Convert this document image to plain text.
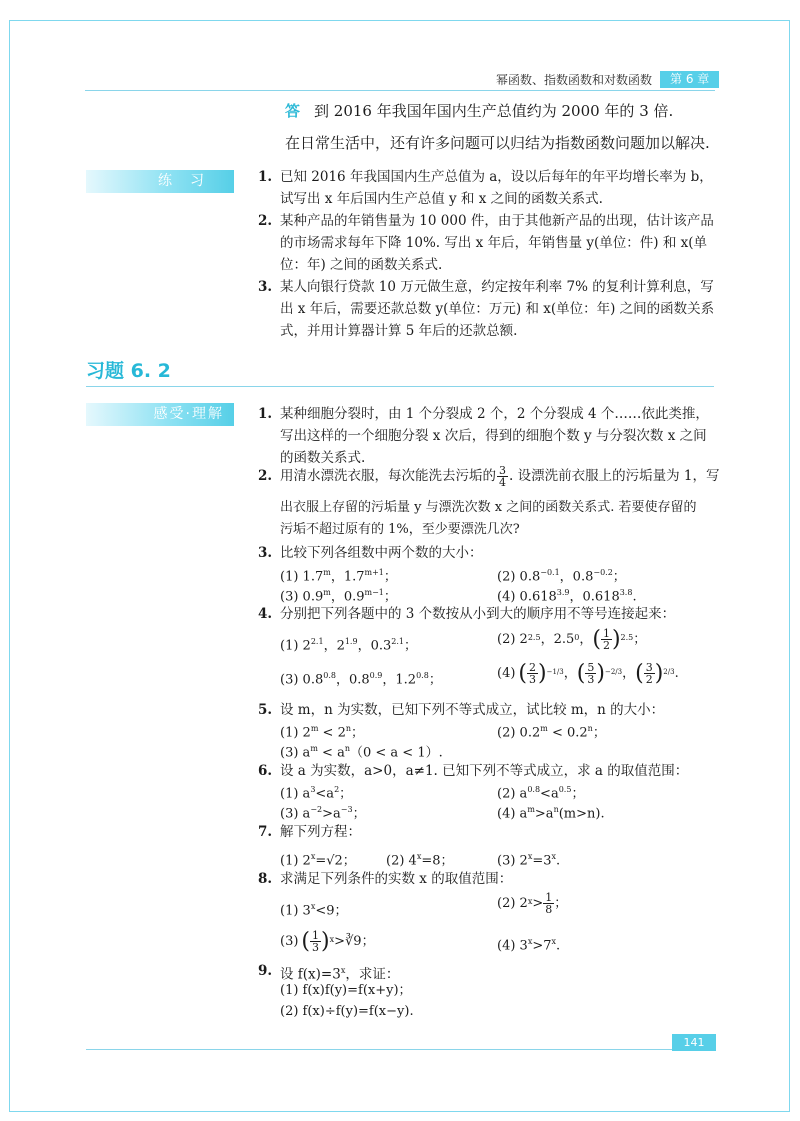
幂函数、指数函数和对数函数	第 6 章
答 到 2016 年我国年国内生产总值约为 2000 年的 3 倍.
在日常生活中，还有许多问题可以归结为指数函数问题加以解决.
练　习	1. 已知 2016 年我国国内生产总值为 a，设以后每年的年平均增长率为 b，试写出 x 年后国内生产总值 y 和 x 之间的函数关系式.
2. 某种产品的年销售量为 10 000 件，由于其他新产品的出现，估计该产品的市场需求每年下降 10%. 写出 x 年后，年销售量 y(单位：件) 和 x(单位：年) 之间的函数关系式.
3. 某人向银行贷款 10 万元做生意，约定按年利率 7% 的复利计算利息，写出 x 年后，需要还款总数 y(单位：万元) 和 x(单位：年) 之间的函数关系式，并用计算器计算 5 年后的还款总额.
习题 6. 2
感受·理解	1. 某种细胞分裂时，由 1 个分裂成 2 个，2 个分裂成 4 个……依此类推，写出这样的一个细胞分裂 x 次后，得到的细胞个数 y 与分裂次数 x 之间的函数关系式.
2. 用清水漂洗衣服，每次能洗去污垢的 $\frac{3}{4}$ . 设漂洗前衣服上的污垢量为 1，写
出衣服上存留的污垢量 y 与漂洗次数 x 之间的函数关系式. 若要使存留的
污垢不超过原有的 1%，至少要漂洗几次?
3. 比较下列各组数中两个数的大小：
(1) 1.7$^m$，$1.7^{m+1}$；	(2) $0.8^{-0.1}$，$0.8^{-0.2}$；
(3) 0.9$^m$，$0.9^{m-1}$；	(4) $0.618^{3.9}$，$0.618^{3.8}$.
4. 分别把下列各题中的 3 个数按从小到大的顺序用不等号连接起来：
(1) $2^{2.1}$，$2^{1.9}$，$0.3^{2.1}$；	(2) 2 2.5 ，2.5 0 ， ( $\frac{1}{2}$ ) 2.5 ；
(3) $0.8^{0.8}$，$0.8^{0.9}$，$1.2^{0.8}$；	(4) ( $\frac{2}{3}$ ) −1/3 ， ( $\frac{5}{3}$ ) −2/3 ， ( $\frac{3}{2}$ ) 2/3 .
5. 设 m，n 为实数，已知下列不等式成立，试比较 m，n 的大小：
(1) $2^m < 2^n$；	(2) $0.2^m < 0.2^n$；
(3) $a^m < a^n(0 < a < 1)$.
6. 设 a 为实数，a>0，a≠1. 已知下列不等式成立，求 a 的取值范围：
(1) $a^3<a^2$；	(2) $a^{0.8}<a^{0.5}$；
(3) $a^{-2}>a^{-3}$；	(4) $a^m>a^n(m>n)$.
7. 解下列方程：
(1) $2^x=√2$； (2) $4^x=8$；	(3) $2^x=3^x$.
8. 求满足下列条件的实数 x 的取值范围：
(1) $3^x<9$；
(2) 2 $x > \frac{1}{8}$ ；
(3) ( $\frac{1}{3}$ ) x >∛9；	(4) $3^x>7^x$.
9. 设 $f(x)=3^x$，求证：
(1) f(x)f(y)=f(x+y)；
(2) f(x)÷f(y)=f(x−y).
141
